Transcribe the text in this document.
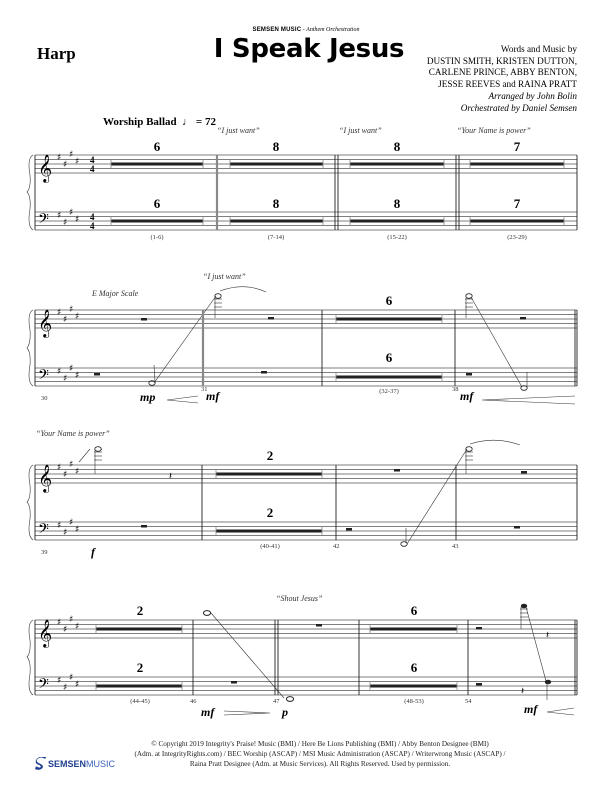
Harp
SEMSEN MUSIC - Anthem Orchestration
I Speak Jesus	Words and Music by
DUSTIN SMITH, KRISTEN DUTTON,
CARLENE PRINCE, ABBY BENTON,
JESSE REEVES and RAINA PRATT
Arranged by John Bolin
Orchestrated by Daniel Semsen
Worship Ballad ♩ = 72
𝄞
𝄢
♯
♯
♯
♯
♯
♯
♯
♯
4
4
4
4
𝄞
𝄢
♯
♯
♯
♯
♯
♯
♯
♯
𝄞
𝄢
♯
♯
♯
♯
♯
♯
♯
♯
.
𝄽
𝄞
𝄢
♯
♯
♯
♯
♯
♯
♯
♯
𝄽
𝄽
“I just want”	“I just want”	“Your Name is power”
6	8	8	7
6	8	8	7
(1-6)	(7-14)	(15-22)	(23-29)
E Major Scale
“I just want”
6
6
(32-37)
30
31	38
mp	mf	mf
“Your Name is power”
2
2
(40-41)
39
42	43
f
“Shout Jesus”
2
2
6
6
(44-45)	(48-53)
46	47	54
mf	p	mf
© Copyright 2019 Integrity's Praise! Music (BMI) / Here Be Lions Publishing (BMI) / Abby Benton Designee (BMI)
(Adm. at IntegrityRights.com) / BEC Worship (ASCAP) / MSI Music Administration (ASCAP) / Writerwrong Music (ASCAP) /
Raina Pratt Designee (Adm. at Music Services). All Rights Reserved. Used by permission.
SEMSEN MUSIC
